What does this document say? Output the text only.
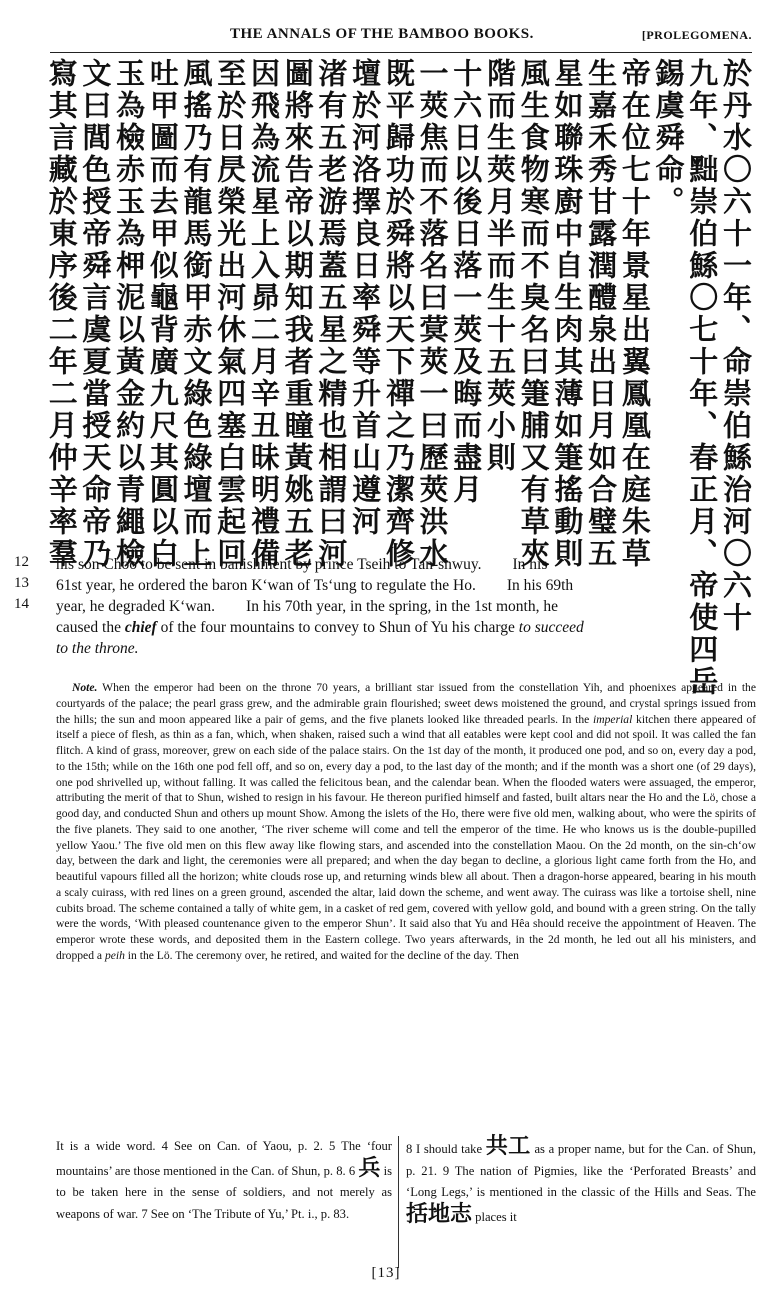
THE ANNALS OF THE BAMBOO BOOKS.	[PROLEGOMENA.
於丹水〇六十一年、命崇伯鯀治河〇六十
九年、黜崇伯鯀〇七十年、春正月、帝使四岳
錫虞舜命。
帝在位七十年景星出翼鳳凰在庭朱草
生嘉禾秀甘露潤醴泉出日月如合璧五
星如聯珠廚中自生肉其薄如箑搖動則
風生食物寒而不臭名曰箑脯又有草夾
階而生莢月半而生十五莢小則
十六日以後日落一莢及晦而盡月
一莢焦而不落名曰蓂莢一曰歷莢洪水
既平歸功於舜將以天下禪之乃潔齊修
壇於河洛擇良日率舜等升首山遵河
渚有五老游焉蓋五星之精也相謂曰河
圖將來告帝以期知我者重瞳黃姚五老
因飛為流星上入昴二月辛丑昧明禮備
至於日昃榮光出河休氣四塞白雲起回
風搖乃有龍馬銜甲赤文綠色綠壇而上
吐甲圖而去甲似龜背廣九尺其圓以白
玉為檢赤玉為柙泥以黃金約以青繩檢
文曰閭色授帝舜言虞夏當授天命帝乃
寫其言藏於東序後二年二月仲辛率羣
12
13
14
his son Choo to be sent in banishment by prince Tseih to Tan-shwuy.        In his
61st year, he ordered the baron K‘wan of Ts‘ung to regulate the Ho.        In his 69th
year, he degraded K‘wan.        In his 70th year, in the spring, in the 1st month, he
caused the chief of the four mountains to convey to Shun of Yu his charge to succeed
to the throne.

Note. When the emperor had been on the throne 70 years, a brilliant star issued from the constellation Yih, and phoenixes appeared in the courtyards of the palace; the pearl grass grew, and the admirable grain flourished; sweet dews moistened the ground, and crystal springs issued from the hills; the sun and moon appeared like a pair of gems, and the five planets looked like threaded pearls. In the imperial kitchen there appeared of itself a piece of flesh, as thin as a fan, which, when shaken, raised such a wind that all eatables were kept cool and did not spoil. It was called the fan flitch. A kind of grass, moreover, grew on each side of the palace stairs. On the 1st day of the month, it produced one pod, and so on, every day a pod, to the 15th; while on the 16th one pod fell off, and so on, every day a pod, to the last day of the month; and if the month was a short one (of 29 days), one pod shrivelled up, without falling. It was called the felicitous bean, and the calendar bean. When the flooded waters were assuaged, the emperor, attributing the merit of that to Shun, wished to resign in his favour. He thereon purified himself and fasted, built altars near the Ho and the Lö, chose a good day, and conducted Shun and others up mount Show. Among the islets of the Ho, there were five old men, walking about, who were the spirits of the five planets. They said to one another, ‘The river scheme will come and tell the emperor of the time. He who knows us is the double-pupilled yellow Yaou.’ The five old men on this flew away like flowing stars, and ascended into the constellation Maou. On the 2d month, on the sin-ch‘ow day, between the dark and light, the ceremonies were all prepared; and when the day began to decline, a glorious light came forth from the Ho, and beautiful vapours filled all the horizon; white clouds rose up, and returning winds blew all about. Then a dragon-horse appeared, bearing in his mouth a scaly cuirass, with red lines on a green ground, ascended the altar, laid down the scheme, and went away. The cuirass was like a tortoise shell, nine cubits broad. The scheme contained a tally of white gem, in a casket of red gem, covered with yellow gold, and bound with a green string. On the tally were the words, ‘With pleased countenance given to the emperor Shun’. It said also that Yu and Hêa should receive the appointment of Heaven. The emperor wrote these words, and deposited them in the Eastern college. Two years afterwards, in the 2d month, he led out all his ministers, and dropped a peih in the Lö. The ceremony over, he retired, and waited for the decline of the day. Then

It is a wide word. 4 See on Can. of Yaou, p. 2. 5 The ‘four mountains’ are those mentioned in the Can. of Shun, p. 8. 6 兵 is to be taken here in the sense of soldiers, and not merely as weapons of war. 7 See on ‘The Tribute of Yu,’ Pt. i., p. 83.

8 I should take 共工 as a proper name, but for the Can. of Shun, p. 21. 9 The nation of Pigmies, like the ‘Perforated Breasts’ and ‘Long Legs,’ is mentioned in the classic of the Hills and Seas. The 括地志 places it

[13]
